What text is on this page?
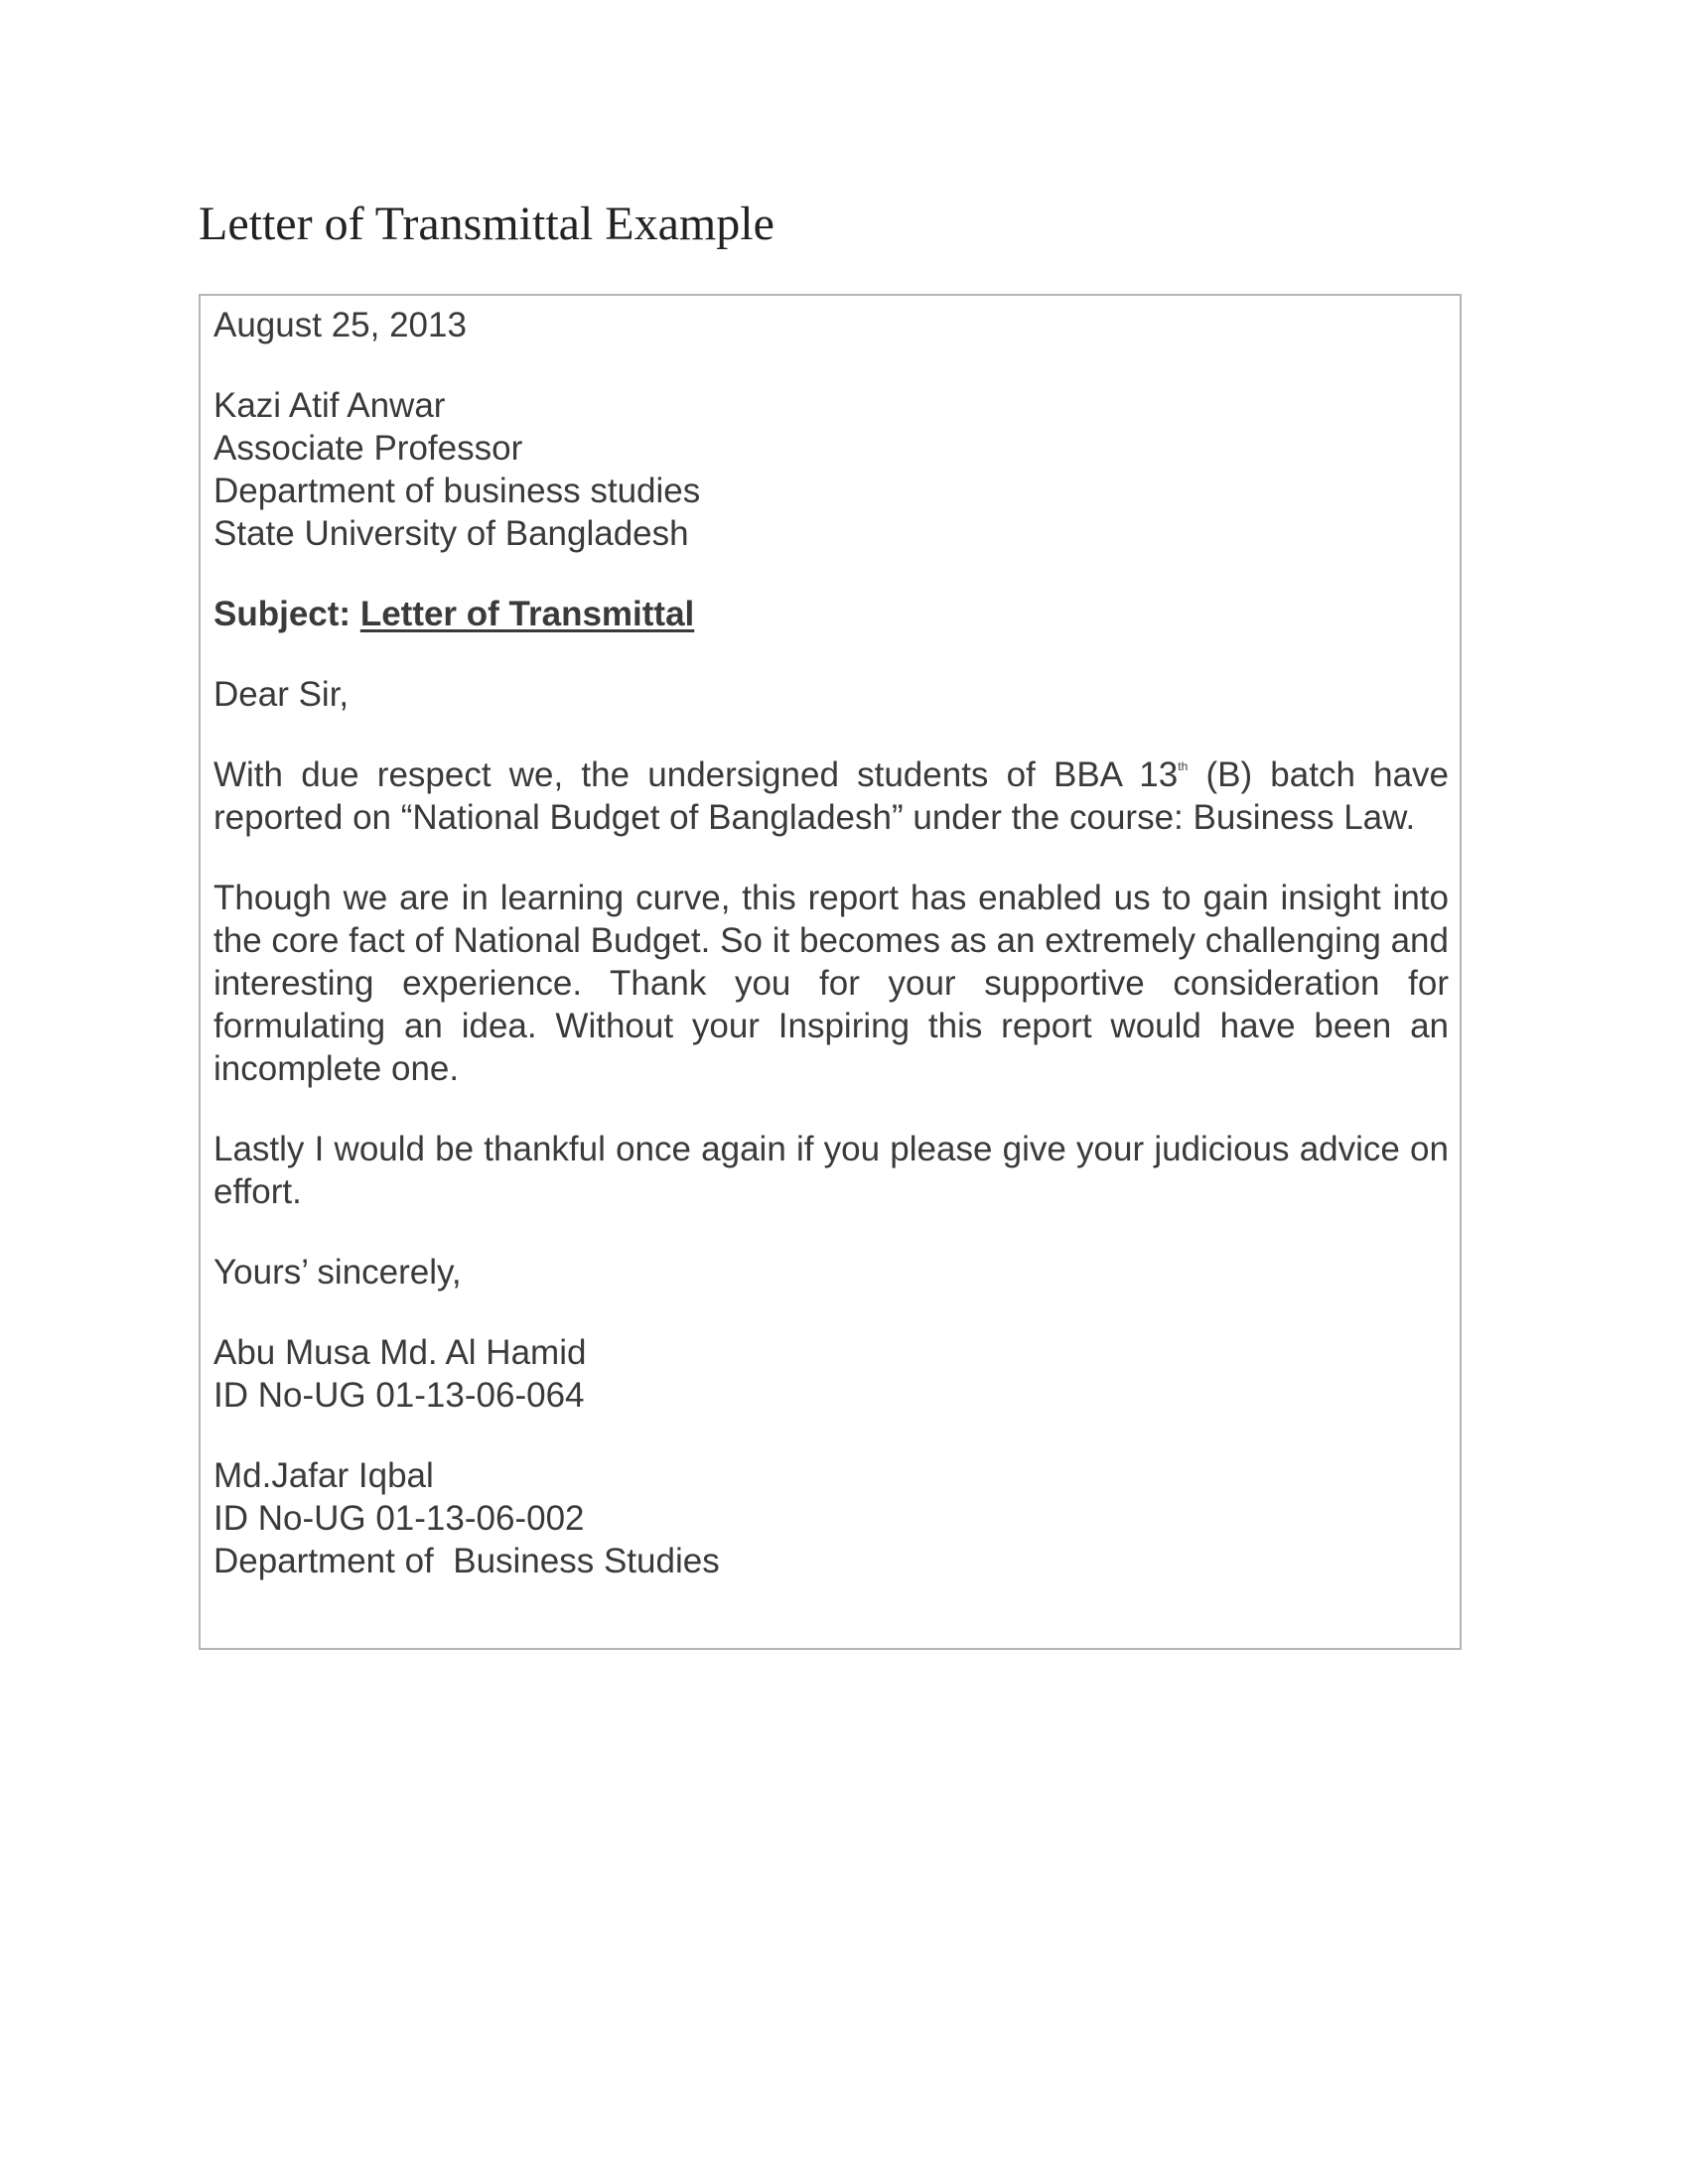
Letter of Transmittal Example
August 25, 2013
Kazi Atif Anwar
Associate Professor
Department of business studies
State University of Bangladesh
Subject: Letter of Transmittal
Dear Sir,
With due respect we, the undersigned students of BBA 13th (B) batch have reported on “National Budget of Bangladesh” under the course: Business Law.
Though we are in learning curve, this report has enabled us to gain insight into the core fact of National Budget. So it becomes as an extremely challenging and interesting experience. Thank you for your supportive consideration for formulating an idea. Without your Inspiring this report would have been an incomplete one.
Lastly I would be thankful once again if you please give your judicious advice on effort.
Yours’ sincerely,
Abu Musa Md. Al Hamid
ID No-UG 01-13-06-064
Md.Jafar Iqbal
ID No-UG 01-13-06-002
Department of  Business Studies
